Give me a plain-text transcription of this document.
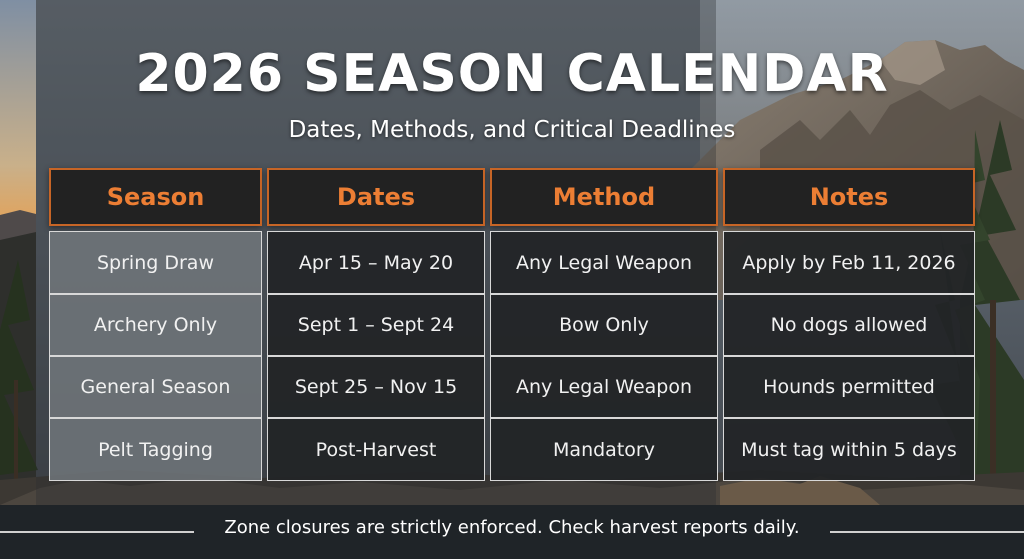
2026 SEASON CALENDAR
Dates, Methods, and Critical Deadlines
Season	Dates	Method	Notes
Spring Draw	Apr 15 – May 20	Any Legal Weapon	Apply by Feb 11, 2026
Archery Only	Sept 1 – Sept 24	Bow Only	No dogs allowed
General Season	Sept 25 – Nov 15	Any Legal Weapon	Hounds permitted
Pelt Tagging	Post-Harvest	Mandatory	Must tag within 5 days
Zone closures are strictly enforced. Check harvest reports daily.
